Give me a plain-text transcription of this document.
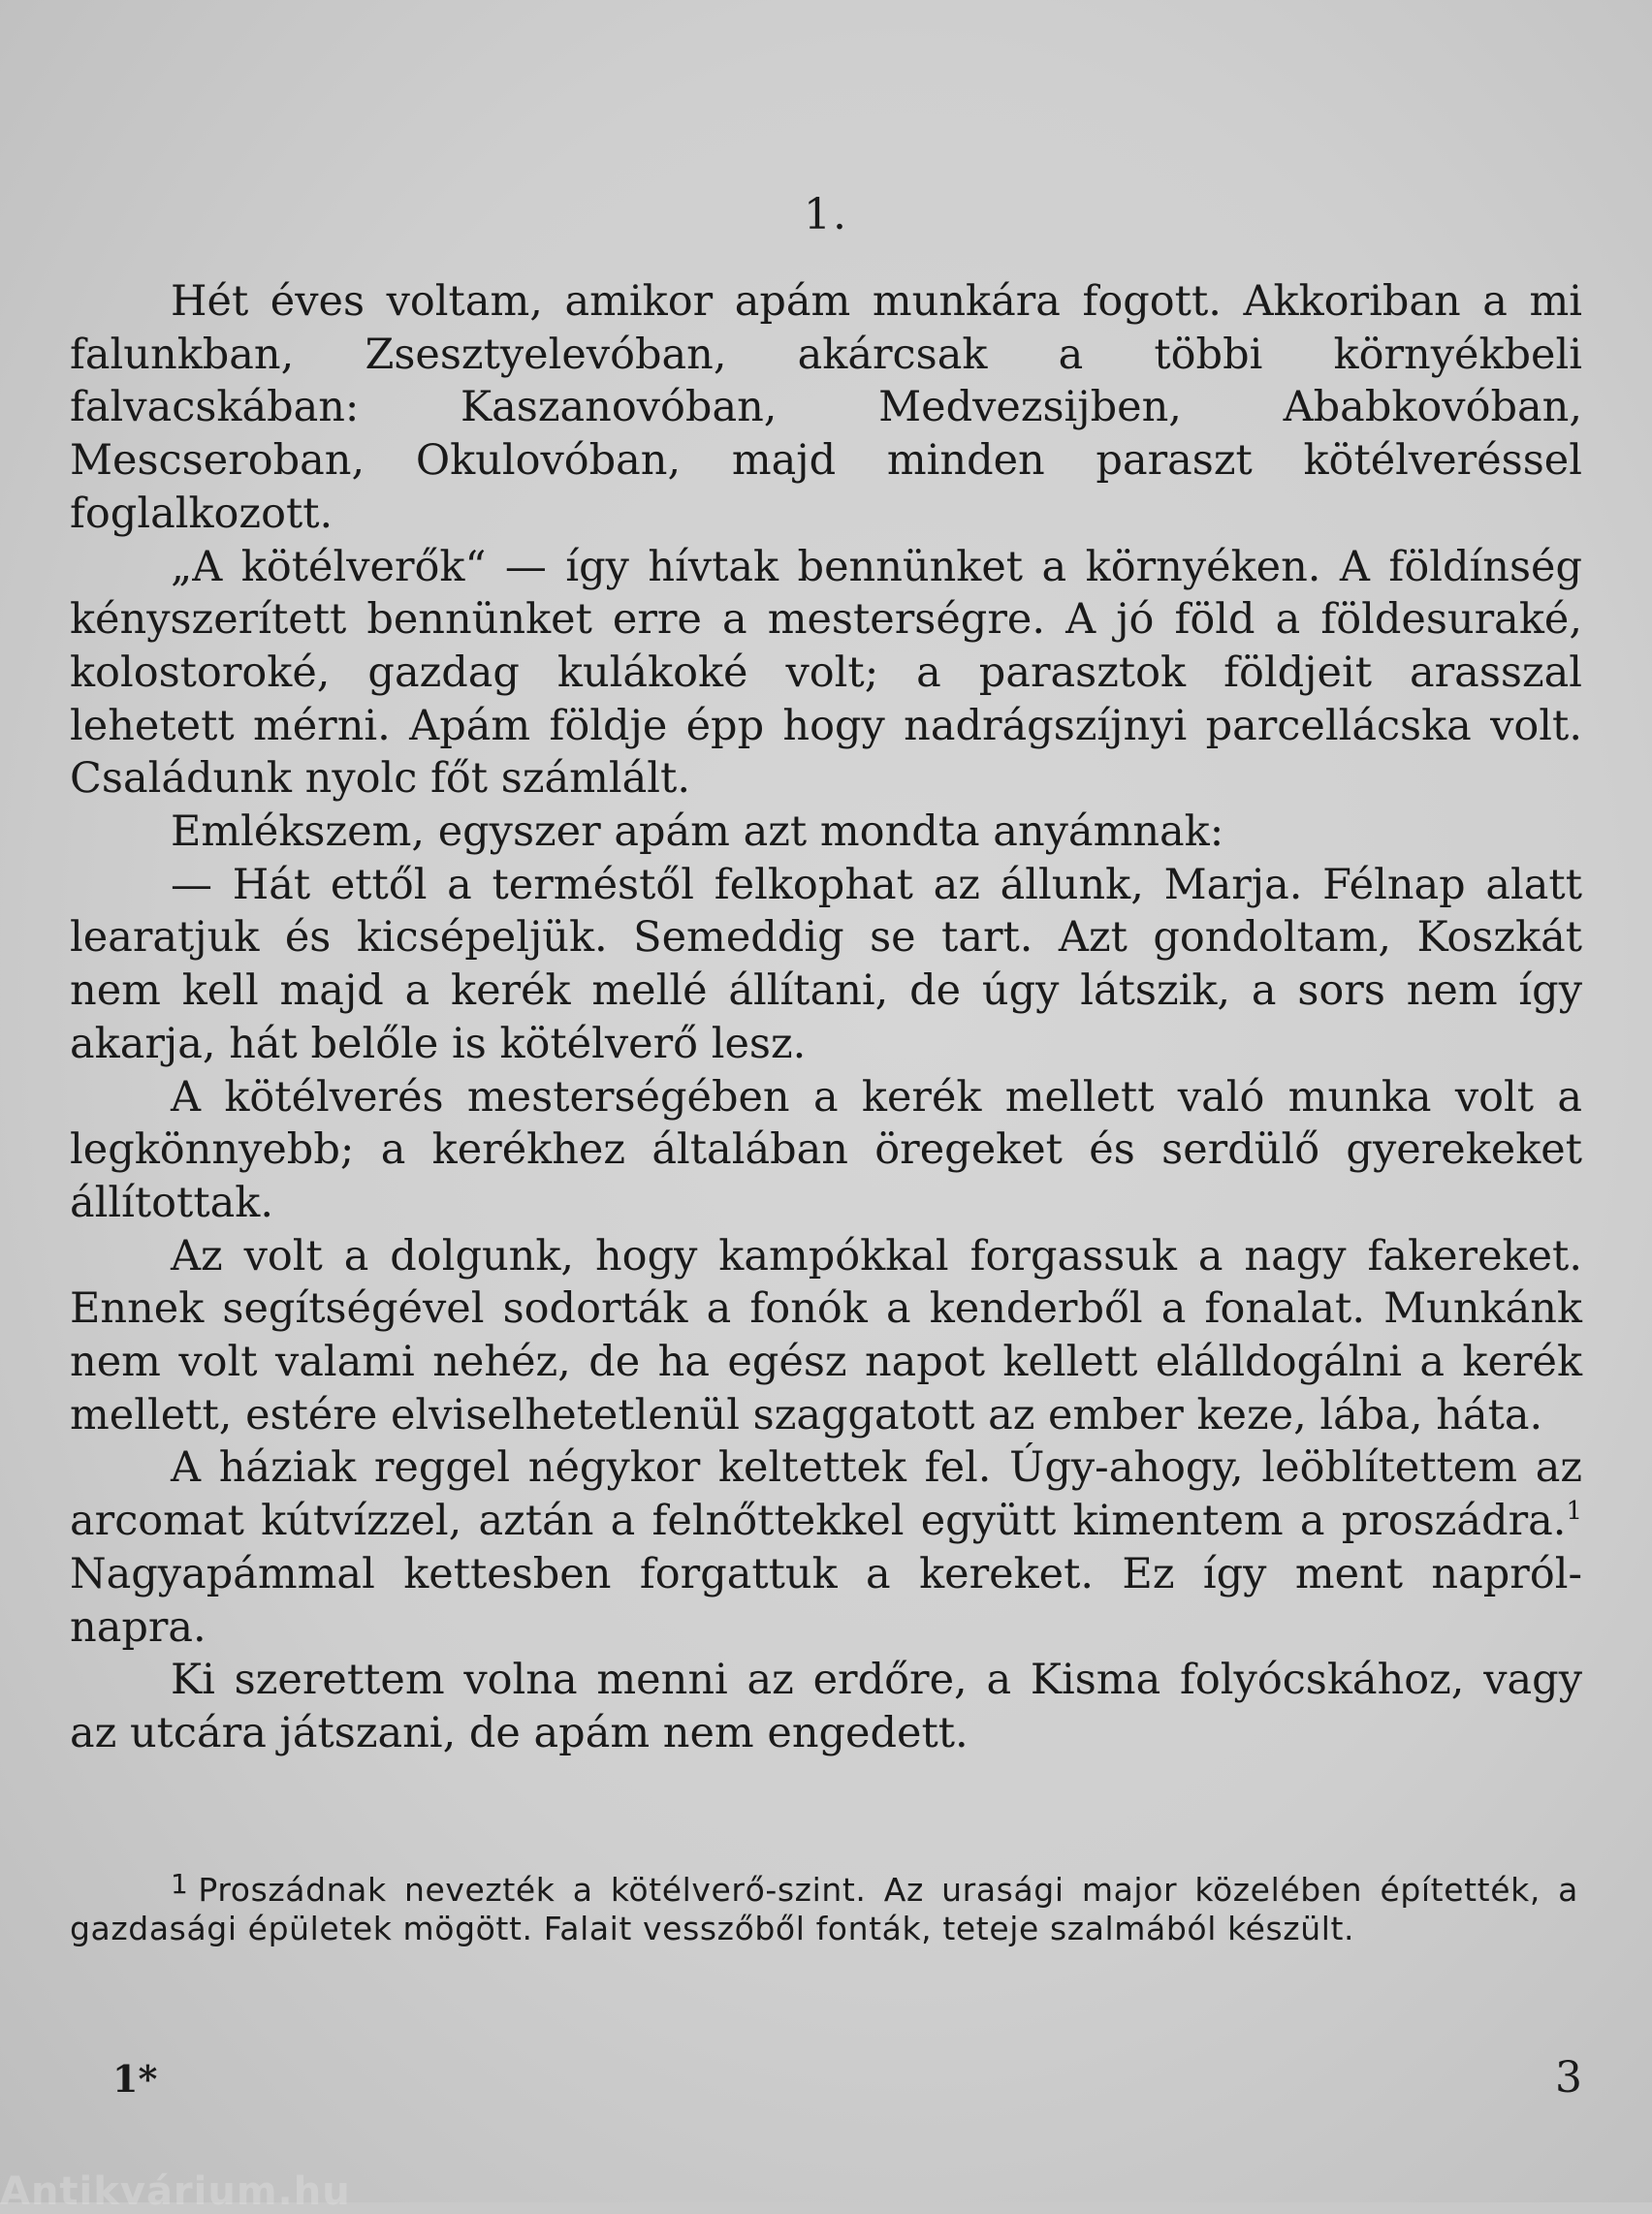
1.

Hét éves voltam, amikor apám munkára fogott. Akkoriban a mi falunkban, Zsesztyelevóban, akárcsak a többi környékbeli falvacskában: Kaszanovóban, Medvezsijben, Ababkovóban, Mescseroban, Okulovóban, majd minden paraszt kötélveréssel foglalkozott.

„A kötélverők“ — így hívtak bennünket a környéken. A földínség kényszerített bennünket erre a mesterségre. A jó föld a földesuraké, kolostoroké, gazdag kulákoké volt; a parasztok földjeit arasszal lehetett mérni. Apám földje épp hogy nadrágszíjnyi parcellácska volt. Családunk nyolc főt számlált.

Emlékszem, egyszer apám azt mondta anyámnak:

— Hát ettől a terméstől felkophat az állunk, Marja. Félnap alatt learatjuk és kicsépeljük. Semeddig se tart. Azt gondoltam, Koszkát nem kell majd a kerék mellé állítani, de úgy látszik, a sors nem így akarja, hát belőle is kötélverő lesz.

A kötélverés mesterségében a kerék mellett való munka volt a legkönnyebb; a kerékhez általában öregeket és serdülő gyerekeket állítottak.

Az volt a dolgunk, hogy kampókkal forgassuk a nagy fakereket. Ennek segítségével sodorták a fonók a kenderből a fonalat. Munkánk nem volt valami nehéz, de ha egész napot kellett elálldogálni a kerék mellett, estére elviselhetetlenül szaggatott az ember keze, lába, háta.

A háziak reggel négykor keltettek fel. Úgy-ahogy, leöblítettem az arcomat kútvízzel, aztán a felnőttekkel együtt kimentem a proszádra.$^1$ Nagyapámmal kettesben forgattuk a kereket. Ez így ment napról-napra.

Ki szerettem volna menni az erdőre, a Kisma folyócskához, vagy az utcára játszani, de apám nem engedett.

$^1$ Proszádnak nevezték a kötélverő-szint. Az urasági major közelében építették, a gazdasági épületek mögött. Falait vesszőből fonták, teteje szalmából készült.
1*	3
Antikvárium.hu
